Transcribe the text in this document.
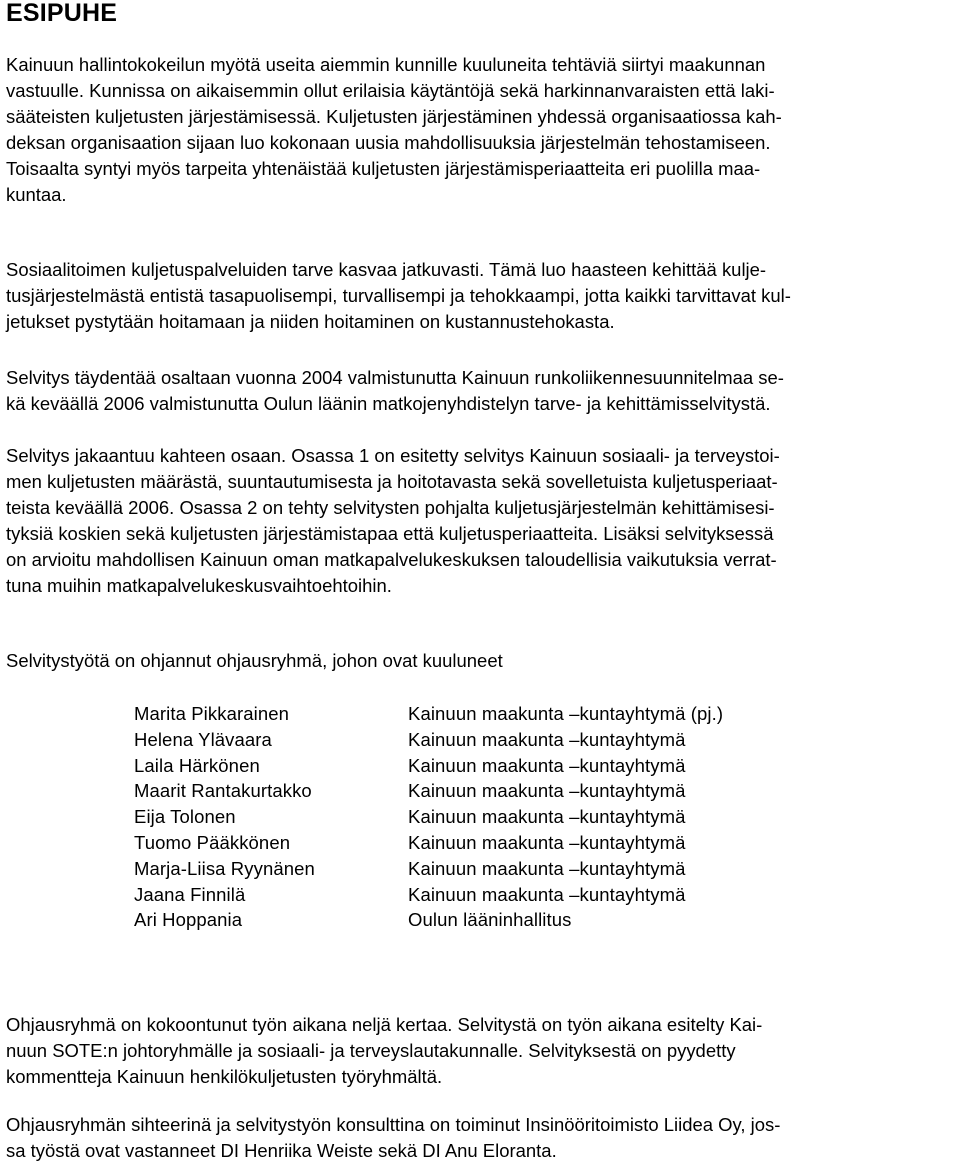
ESIPUHE

Kainuun hallintokokeilun myötä useita aiemmin kunnille kuuluneita tehtäviä siirtyi maakunnan
vastuulle. Kunnissa on aikaisemmin ollut erilaisia käytäntöjä sekä harkinnanvaraisten että laki-
sääteisten kuljetusten järjestämisessä. Kuljetusten järjestäminen yhdessä organisaatiossa kah-
deksan organisaation sijaan luo kokonaan uusia mahdollisuuksia järjestelmän tehostamiseen.
Toisaalta syntyi myös tarpeita yhtenäistää kuljetusten järjestämisperiaatteita eri puolilla maa-
kuntaa.

Sosiaalitoimen kuljetuspalveluiden tarve kasvaa jatkuvasti. Tämä luo haasteen kehittää kulje-
tusjärjestelmästä entistä tasapuolisempi, turvallisempi ja tehokkaampi, jotta kaikki tarvittavat kul-
jetukset pystytään hoitamaan ja niiden hoitaminen on kustannustehokasta.

Selvitys täydentää osaltaan vuonna 2004 valmistunutta Kainuun runkoliikennesuunnitelmaa se-
kä keväällä 2006 valmistunutta Oulun läänin matkojenyhdistelyn tarve- ja kehittämisselvitystä.

Selvitys jakaantuu kahteen osaan. Osassa 1 on esitetty selvitys Kainuun sosiaali- ja terveystoi-
men kuljetusten määrästä, suuntautumisesta ja hoitotavasta sekä sovelletuista kuljetusperiaat-
teista keväällä 2006. Osassa 2 on tehty selvitysten pohjalta kuljetusjärjestelmän kehittämisesi-
tyksiä koskien sekä kuljetusten järjestämistapaa että kuljetusperiaatteita. Lisäksi selvityksessä
on arvioitu mahdollisen Kainuun oman matkapalvelukeskuksen taloudellisia vaikutuksia verrat-
tuna muihin matkapalvelukeskusvaihtoehtoihin.

Selvitystyötä on ohjannut ohjausryhmä, johon ovat kuuluneet

Marita Pikkarainen	Kainuun maakunta –kuntayhtymä (pj.)
Helena Ylävaara	Kainuun maakunta –kuntayhtymä
Laila Härkönen	Kainuun maakunta –kuntayhtymä
Maarit Rantakurtakko	Kainuun maakunta –kuntayhtymä
Eija Tolonen	Kainuun maakunta –kuntayhtymä
Tuomo Pääkkönen	Kainuun maakunta –kuntayhtymä
Marja-Liisa Ryynänen	Kainuun maakunta –kuntayhtymä
Jaana Finnilä	Kainuun maakunta –kuntayhtymä
Ari Hoppania	Oulun lääninhallitus

Ohjausryhmä on kokoontunut työn aikana neljä kertaa. Selvitystä on työn aikana esitelty Kai-
nuun SOTE:n johtoryhmälle ja sosiaali- ja terveyslautakunnalle. Selvityksestä on pyydetty
kommentteja Kainuun henkilökuljetusten työryhmältä.

Ohjausryhmän sihteerinä ja selvitystyön konsulttina on toiminut Insinööritoimisto Liidea Oy, jos-
sa työstä ovat vastanneet DI Henriika Weiste sekä DI Anu Eloranta.
